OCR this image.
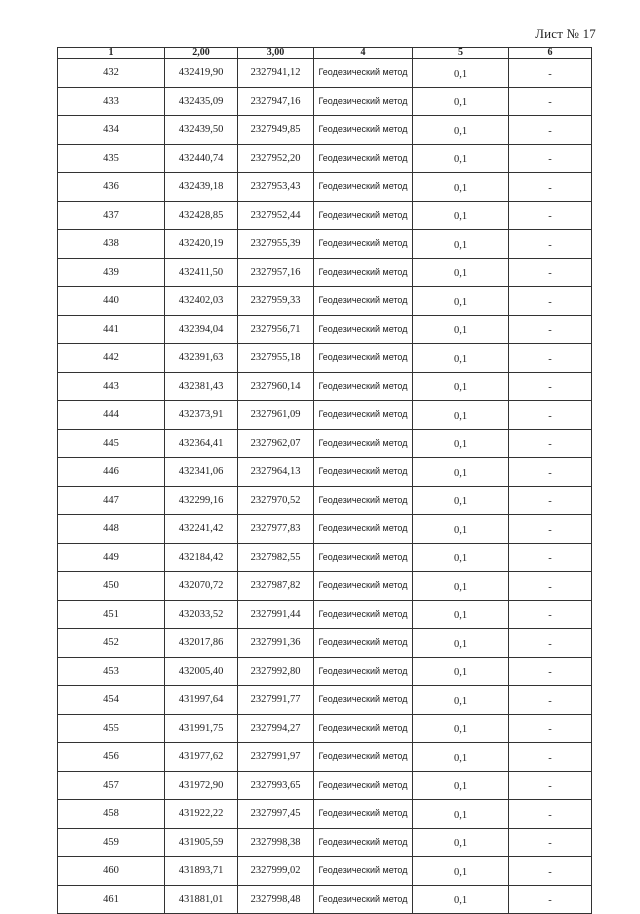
Лист № 17
1	2,00	3,00	4	5	6
432	432419,90	2327941,12	Геодезический метод	0,1	-
433	432435,09	2327947,16	Геодезический метод	0,1	-
434	432439,50	2327949,85	Геодезический метод	0,1	-
435	432440,74	2327952,20	Геодезический метод	0,1	-
436	432439,18	2327953,43	Геодезический метод	0,1	-
437	432428,85	2327952,44	Геодезический метод	0,1	-
438	432420,19	2327955,39	Геодезический метод	0,1	-
439	432411,50	2327957,16	Геодезический метод	0,1	-
440	432402,03	2327959,33	Геодезический метод	0,1	-
441	432394,04	2327956,71	Геодезический метод	0,1	-
442	432391,63	2327955,18	Геодезический метод	0,1	-
443	432381,43	2327960,14	Геодезический метод	0,1	-
444	432373,91	2327961,09	Геодезический метод	0,1	-
445	432364,41	2327962,07	Геодезический метод	0,1	-
446	432341,06	2327964,13	Геодезический метод	0,1	-
447	432299,16	2327970,52	Геодезический метод	0,1	-
448	432241,42	2327977,83	Геодезический метод	0,1	-
449	432184,42	2327982,55	Геодезический метод	0,1	-
450	432070,72	2327987,82	Геодезический метод	0,1	-
451	432033,52	2327991,44	Геодезический метод	0,1	-
452	432017,86	2327991,36	Геодезический метод	0,1	-
453	432005,40	2327992,80	Геодезический метод	0,1	-
454	431997,64	2327991,77	Геодезический метод	0,1	-
455	431991,75	2327994,27	Геодезический метод	0,1	-
456	431977,62	2327991,97	Геодезический метод	0,1	-
457	431972,90	2327993,65	Геодезический метод	0,1	-
458	431922,22	2327997,45	Геодезический метод	0,1	-
459	431905,59	2327998,38	Геодезический метод	0,1	-
460	431893,71	2327999,02	Геодезический метод	0,1	-
461	431881,01	2327998,48	Геодезический метод	0,1	-
